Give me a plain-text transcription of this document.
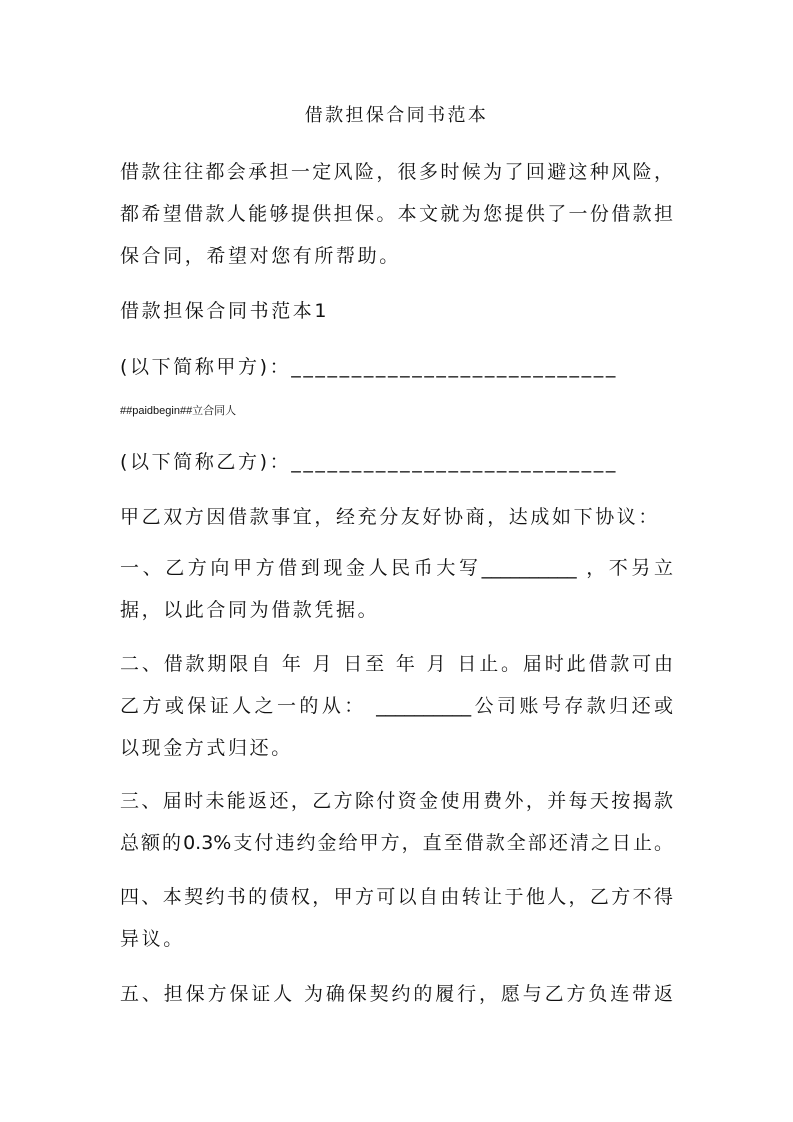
借款担保合同书范本
借款往往都会承担一定风险，很多时候为了回避这种风险，
都希望借款人能够提供担保。本文就为您提供了一份借款担
保合同，希望对您有所帮助。
借款担保合同书范本1
(以下简称甲方)：___________________________
##paidbegin##立合同人
(以下简称乙方)：___________________________
甲乙双方因借款事宜，经充分友好协商，达成如下协议：
一、乙方向甲方借到现金人民币大写__________ ，不另立
据，以此合同为借款凭据。
二、借款期限自 年 月 日至 年 月 日止。届时此借款可由
乙方或保证人之一的从： __________公司账号存款归还或
以现金方式归还。
三、届时未能返还，乙方除付资金使用费外，并每天按揭款
总额的0.3%支付违约金给甲方，直至借款全部还清之日止。
四、本契约书的债权，甲方可以自由转让于他人，乙方不得
异议。
五、担保方保证人 为确保契约的履行，愿与乙方负连带返
